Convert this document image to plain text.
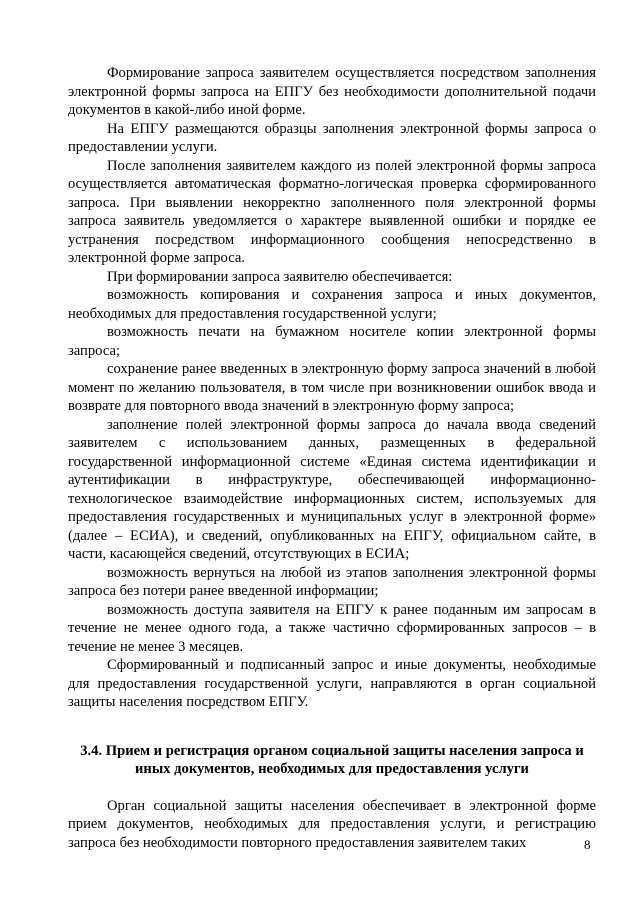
Формирование запроса заявителем осуществляется посредством заполнения электронной формы запроса на ЕПГУ без необходимости дополнительной подачи документов в какой-либо иной форме.

На ЕПГУ размещаются образцы заполнения электронной формы запроса о предоставлении услуги.

После заполнения заявителем каждого из полей электронной формы запроса осуществляется автоматическая форматно-логическая проверка сформированного запроса. При выявлении некорректно заполненного поля электронной формы запроса заявитель уведомляется о характере выявленной ошибки и порядке ее устранения посредством информационного сообщения непосредственно в электронной форме запроса.

При формировании запроса заявителю обеспечивается:

возможность копирования и сохранения запроса и иных документов, необходимых для предоставления государственной услуги;

возможность печати на бумажном носителе копии электронной формы запроса;

сохранение ранее введенных в электронную форму запроса значений в любой момент по желанию пользователя, в том числе при возникновении ошибок ввода и возврате для повторного ввода значений в электронную форму запроса;

заполнение полей электронной формы запроса до начала ввода сведений заявителем с использованием данных, размещенных в федеральной государственной информационной системе «Единая система идентификации и аутентификации в инфраструктуре, обеспечивающей информационно-технологическое взаимодействие информационных систем, используемых для предоставления государственных и муниципальных услуг в электронной форме» (далее – ЕСИА), и сведений, опубликованных на ЕПГУ, официальном сайте, в части, касающейся сведений, отсутствующих в ЕСИА;

возможность вернуться на любой из этапов заполнения электронной формы запроса без потери ранее введенной информации;

возможность доступа заявителя на ЕПГУ к ранее поданным им запросам в течение не менее одного года, а также частично сформированных запросов – в течение не менее 3 месяцев.

Сформированный и подписанный запрос и иные документы, необходимые для предоставления государственной услуги, направляются в орган социальной защиты населения посредством ЕПГУ.

3.4. Прием и регистрация органом социальной защиты населения запроса и иных документов, необходимых для предоставления услуги

Орган социальной защиты населения обеспечивает в электронной форме прием документов, необходимых для предоставления услуги, и регистрацию запроса без необходимости повторного предоставления заявителем таких	8
